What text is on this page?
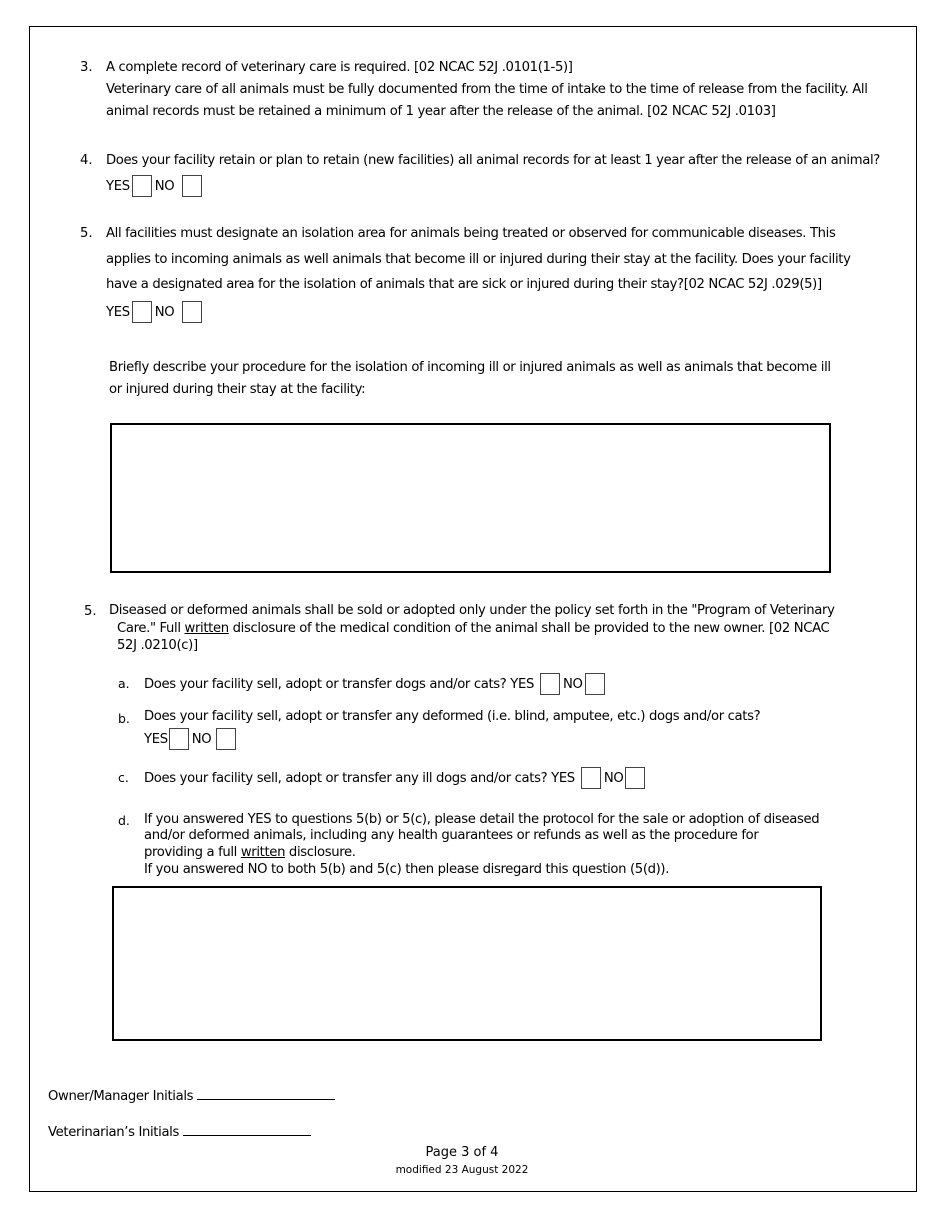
3. A complete record of veterinary care is required. [02 NCAC 52J .0101(1-5)]
Veterinary care of all animals must be fully documented from the time of intake to the time of release from the facility. All
animal records must be retained a minimum of 1 year after the release of the animal. [02 NCAC 52J .0103]
4. Does your facility retain or plan to retain (new facilities) all animal records for at least 1 year after the release of an animal?
YES NO
5. All facilities must designate an isolation area for animals being treated or observed for communicable diseases. This
applies to incoming animals as well animals that become ill or injured during their stay at the facility. Does your facility
have a designated area for the isolation of animals that are sick or injured during their stay?[02 NCAC 52J .029(5)]
YES NO
Briefly describe your procedure for the isolation of incoming ill or injured animals as well as animals that become ill
or injured during their stay at the facility:
5. Diseased or deformed animals shall be sold or adopted only under the policy set forth in the "Program of Veterinary
Care." Full written disclosure of the medical condition of the animal shall be provided to the new owner. [02 NCAC
52J .0210(c)]
a. Does your facility sell, adopt or transfer dogs and/or cats? YES NO
b. Does your facility sell, adopt or transfer any deformed (i.e. blind, amputee, etc.) dogs and/or cats?
YES NO
c. Does your facility sell, adopt or transfer any ill dogs and/or cats? YES NO
d. If you answered YES to questions 5(b) or 5(c), please detail the protocol for the sale or adoption of diseased
and/or deformed animals, including any health guarantees or refunds as well as the procedure for
providing a full written disclosure.
If you answered NO to both 5(b) and 5(c) then please disregard this question (5(d)).
Owner/Manager Initials
Veterinarian’s Initials
Page 3 of 4
modified 23 August 2022
